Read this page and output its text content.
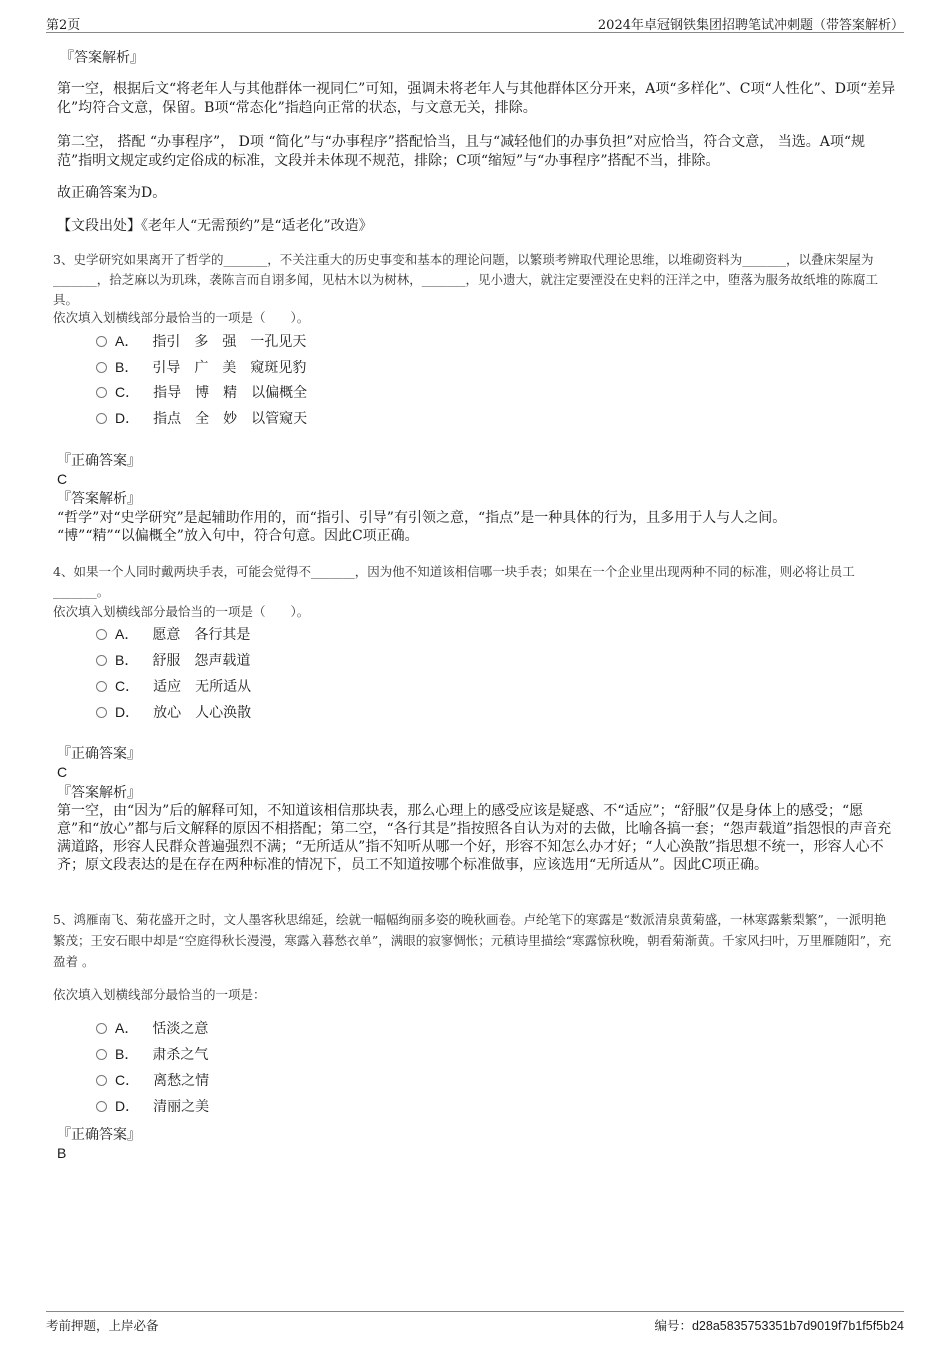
第2页	2024年卓冠钢铁集团招聘笔试冲刺题（带答案解析）
『答案解析』
第一空，根据后文“将老年人与其他群体一视同仁”可知，强调未将老年人与其他群体区分开来，A项“多样化”、C项“人性化”、D项“差异化”均符合文意，保留。B项“常态化”指趋向正常的状态，与文意无关，排除。
第二空， 搭配 “办事程序”， D项 “简化”与“办事程序”搭配恰当，且与“减轻他们的办事负担”对应恰当，符合文意， 当选。A项“规范”指明文规定或约定俗成的标准，文段并未体现不规范，排除；C项“缩短”与“办事程序”搭配不当，排除。
故正确答案为D。
【文段出处】《老年人“无需预约”是“适老化”改造》
3、史学研究如果离开了哲学的_______，不关注重大的历史事变和基本的理论问题，以繁琐考辨取代理论思维，以堆砌资料为_______，以叠床架屋为_______，拾芝麻以为玑珠，袭陈言而自诩多闻，见枯木以为树林，_______，见小遗大，就注定要湮没在史料的汪洋之中，堕落为服务故纸堆的陈腐工具。
依次填入划横线部分最恰当的一项是（　　）。
A． 指引　多　强　一孔见天
B． 引导　广　美　窥斑见豹
C． 指导　博　精　以偏概全
D． 指点　全　妙　以管窥天
『正确答案』
C
『答案解析』
“哲学”对“史学研究”是起辅助作用的，而“指引、引导”有引领之意，“指点”是一种具体的行为，且多用于人与人之间。
“博”“精”“以偏概全”放入句中，符合句意。因此C项正确。
4、如果一个人同时戴两块手表，可能会觉得不_______，因为他不知道该相信哪一块手表；如果在一个企业里出现两种不同的标准，则必将让员工_______。
依次填入划横线部分最恰当的一项是（　　）。
A． 愿意　各行其是
B． 舒服　怨声载道
C． 适应　无所适从
D． 放心　人心涣散
『正确答案』
C
『答案解析』
第一空，由“因为”后的解释可知，不知道该相信那块表，那么心理上的感受应该是疑惑、不“适应”；“舒服”仅是身体上的感受；“愿意”和“放心”都与后文解释的原因不相搭配；第二空，“各行其是”指按照各自认为对的去做，比喻各搞一套；“怨声载道”指怨恨的声音充满道路，形容人民群众普遍强烈不满；“无所适从”指不知听从哪一个好，形容不知怎么办才好；“人心涣散”指思想不统一，形容人心不齐；原文段表达的是在存在两种标准的情况下，员工不知道按哪个标准做事，应该选用“无所适从”。因此C项正确。
5、鸿雁南飞、菊花盛开之时，文人墨客秋思绵延，绘就一幅幅绚丽多姿的晚秋画卷。卢纶笔下的寒露是“数派清泉黄菊盛，一林寒露紫梨繁”，一派明艳繁茂；王安石眼中却是“空庭得秋长漫漫，寒露入暮愁衣单”，满眼的寂寥惆怅；元稹诗里描绘“寒露惊秋晚，朝看菊渐黄。千家风扫叶，万里雁随阳”，充盈着 。
依次填入划横线部分最恰当的一项是：
A． 恬淡之意
B． 肃杀之气
C． 离愁之情
D． 清丽之美
『正确答案』
B
考前押题，上岸必备	编号：d28a5835753351b7d9019f7b1f5f5b24
